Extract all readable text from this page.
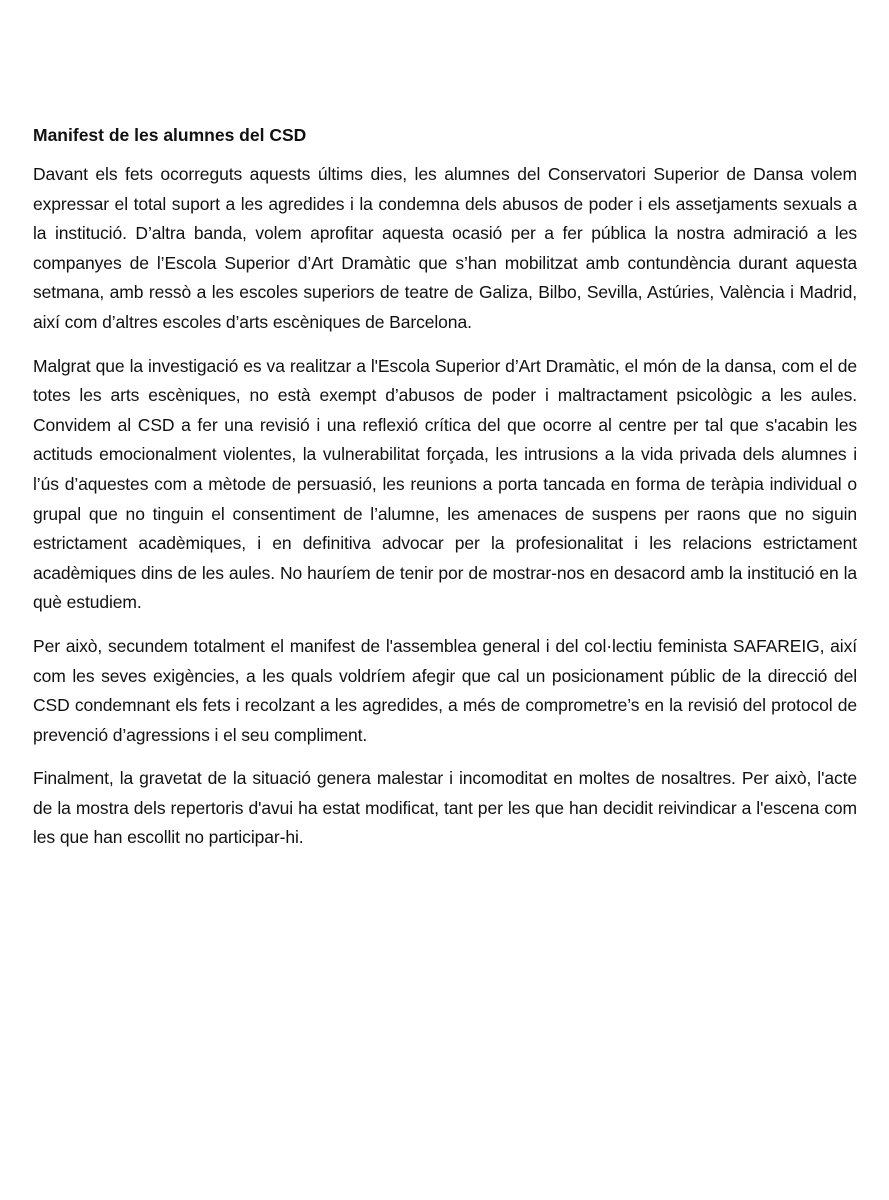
Manifest de les alumnes del CSD

Davant els fets ocorreguts aquests últims dies, les alumnes del Conservatori Superior de Dansa volem expressar el total suport a les agredides i la condemna dels abusos de poder i els assetjaments sexuals a la institució. D’altra banda, volem aprofitar aquesta ocasió per a fer pública la nostra admiració a les companyes de l’Escola Superior d’Art Dramàtic que s’han mobilitzat amb contundència durant aquesta setmana, amb ressò a les escoles superiors de teatre de Galiza, Bilbo, Sevilla, Astúries, València i Madrid, així com d’altres escoles d’arts escèniques de Barcelona.

Malgrat que la investigació es va realitzar a l'Escola Superior d’Art Dramàtic, el món de la dansa, com el de totes les arts escèniques, no està exempt d’abusos de poder i maltractament psicològic a les aules. Convidem al CSD a fer una revisió i una reflexió crítica del que ocorre al centre per tal que s'acabin les actituds emocionalment violentes, la vulnerabilitat forçada, les intrusions a la vida privada dels alumnes i l’ús d’aquestes com a mètode de persuasió, les reunions a porta tancada en forma de teràpia individual o grupal que no tinguin el consentiment de l’alumne, les amenaces de suspens per raons que no siguin estrictament acadèmiques, i en definitiva advocar per la profesionalitat i les relacions estrictament acadèmiques dins de les aules. No hauríem de tenir por de mostrar-nos en desacord amb la institució en la què estudiem.

Per això, secundem totalment el manifest de l'assemblea general i del col·lectiu feminista SAFAREIG, així com les seves exigències, a les quals voldríem afegir que cal un posicionament públic de la direcció del CSD condemnant els fets i recolzant a les agredides, a més de comprometre’s en la revisió del protocol de prevenció d’agressions i el seu compliment.

Finalment, la gravetat de la situació genera malestar i incomoditat en moltes de nosaltres. Per això, l'acte de la mostra dels repertoris d'avui ha estat modificat, tant per les que han decidit reivindicar a l'escena com les que han escollit no participar-hi.
